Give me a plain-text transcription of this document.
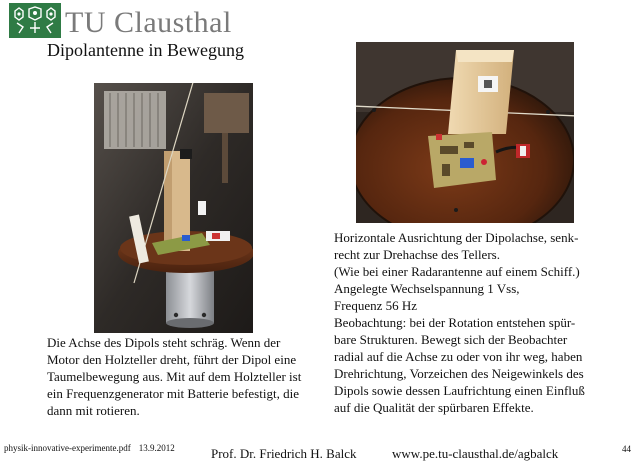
TU Clausthal
Dipolantenne in Bewegung
Die Achse des Dipols steht schräg. Wenn der
Motor den Holzteller dreht, führt der Dipol eine
Taumelbewegung aus. Mit auf dem Holzteller ist
ein Frequenzgenerator mit Batterie befestigt, die
dann mit rotieren.
Horizontale Ausrichtung der Dipolachse, senk-
recht zur Drehachse des Tellers.
(Wie bei einer Radarantenne auf einem Schiff.)
Angelegte Wechselspannung 1 Vss,
Frequenz 56 Hz
Beobachtung: bei der Rotation entstehen spür-
bare Strukturen. Bewegt sich der Beobachter
radial auf die Achse zu oder von ihr weg, haben
Drehrichtung, Vorzeichen des Neigewinkels des
Dipols sowie dessen Laufrichtung einen Einfluß
auf die Qualität der spürbaren Effekte.
physik-innovative-experimente.pdf 13.9.2012	Prof. Dr. Friedrich H. Balck	www.pe.tu-clausthal.de/agbalck	44
